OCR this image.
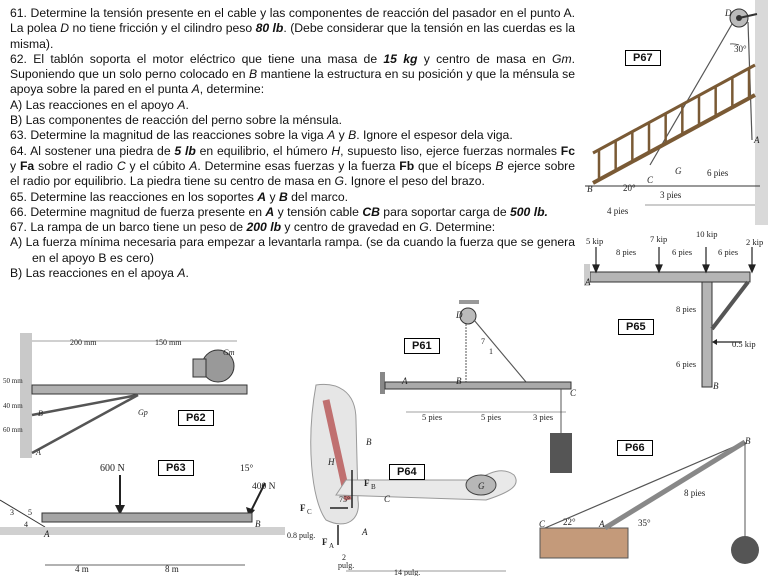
61. Determine la tensión presente en el cable y las componentes de reacción del pasador en el punto A. La polea D no tiene fricción y el cilindro peso 80 lb. (Debe considerar que la tensión en las cuerdas es la misma).

62. El tablón soporta el motor eléctrico que tiene una masa de 15 kg y centro de masa en Gm. Suponiendo que un solo perno colocado en B mantiene la estructura en su posición y que la ménsula se apoya sobre la pared en el punta A, determine:

A) Las reacciones en el apoyo A.

B) Las componentes de reacción del perno sobre la ménsula.

63. Determine la magnitud de las reacciones sobre la viga A y B. Ignore el espesor dela viga.

64. Al sostener una piedra de 5 lb en equilibrio, el húmero H, supuesto liso, ejerce fuerzas normales Fc y Fa sobre el radio C y el cúbito A. Determine esas fuerzas y la fuerza Fb que el bíceps B ejerce sobre el radio por equilibrio. La piedra tiene su centro de masa en G. Ignore el peso del brazo.

65. Determine las reacciones en los soportes A y B del marco.

66. Determine magnitud de fuerza presente en A y tensión cable CB para soportar carga de 500 lb.

67. La rampa de un barco tiene un peso de 200 lb y centro de gravedad en G. Determine:

A) La fuerza mínima necesaria para empezar a levantarla rampa. (se da cuando la fuerza que se genera en el apoyo B es cero)

B) Las reacciones en el apoya A.

30°
6 pies
3 pies
4 pies
20°
B
C
G
A
D
P67
5 kip	7 kip	10 kip
2 kip
8 pies	6 pies	6 pies
0.5 kip
8 pies
6 pies
A
B
P65
D
7
1
A	B
C
5 pies	5 pies	3 pies
P61
200 mm	150 mm
Gm
Gp
50 mm
40 mm
60 mm
B
A
P62
600 N	15°
400 N
3 5
4
A
B
4 m	8 m
P63
B
H
G
C
A
75°
F B
F C
F A
0.8 pulg.
2
pulg.
14 pulg.
P64
B
C	A
8 pies
22°	35°
P66
